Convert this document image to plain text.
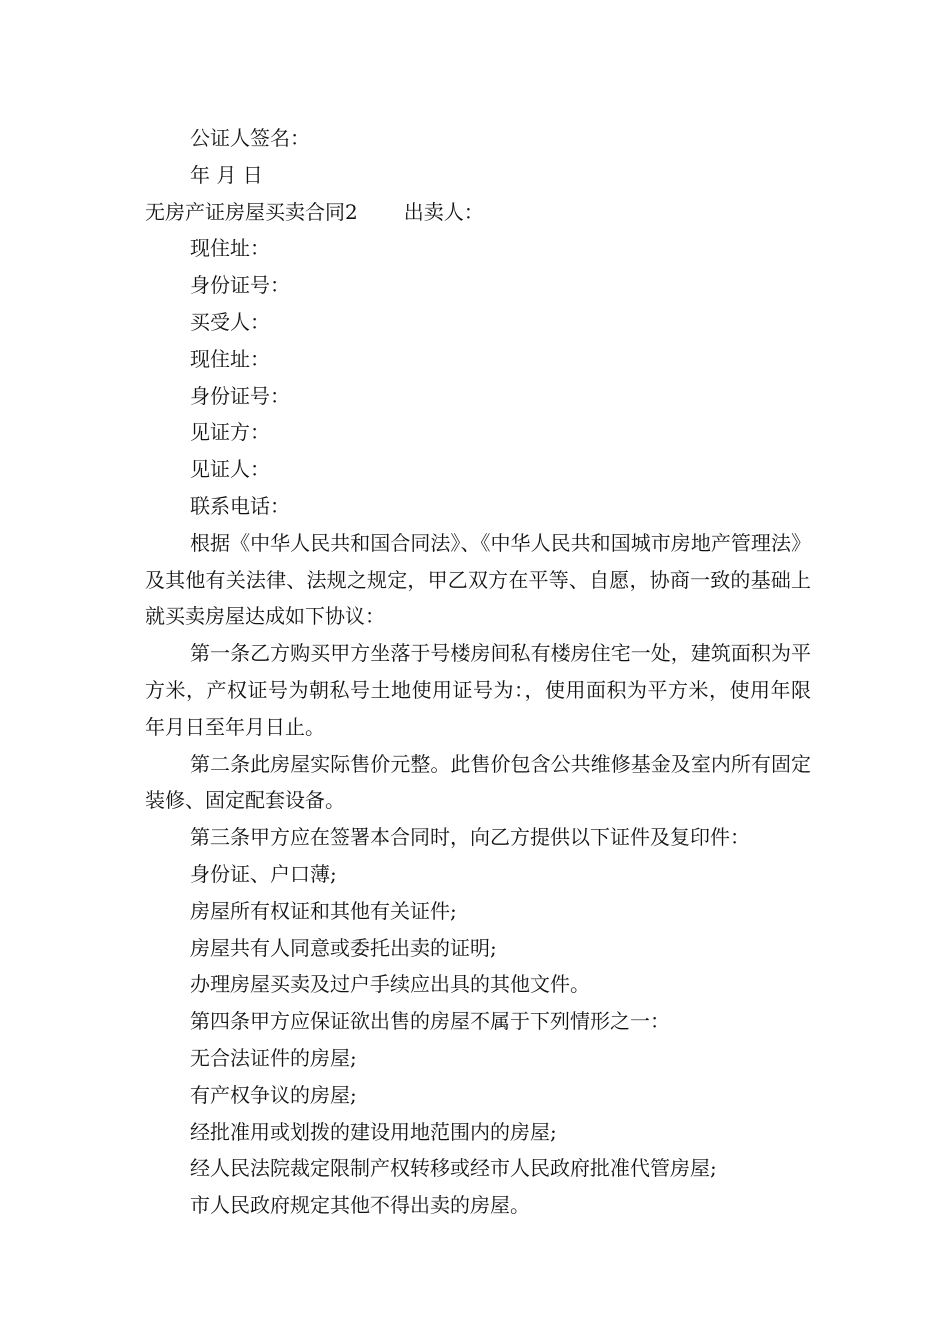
公证人签名：
年 月 日
无房产证房屋买卖合同2 出卖人：
现住址：
身份证号：
买受人：
现住址：
身份证号：
见证方：
见证人：
联系电话：
根据《中华人民共和国合同法》、《中华人民共和国城市房地产管理法》及其他有关法律、法规之规定，甲乙双方在平等、自愿，协商一致的基础上就买卖房屋达成如下协议：
第一条乙方购买甲方坐落于号楼房间私有楼房住宅一处，建筑面积为平方米，产权证号为朝私号土地使用证号为：，使用面积为平方米，使用年限年月日至年月日止。
第二条此房屋实际售价元整。此售价包含公共维修基金及室内所有固定装修、固定配套设备。
第三条甲方应在签署本合同时，向乙方提供以下证件及复印件：
身份证、户口薄;
房屋所有权证和其他有关证件;
房屋共有人同意或委托出卖的证明;
办理房屋买卖及过户手续应出具的其他文件。
第四条甲方应保证欲出售的房屋不属于下列情形之一：
无合法证件的房屋;
有产权争议的房屋;
经批准用或划拨的建设用地范围内的房屋;
经人民法院裁定限制产权转移或经市人民政府批准代管房屋;
市人民政府规定其他不得出卖的房屋。
